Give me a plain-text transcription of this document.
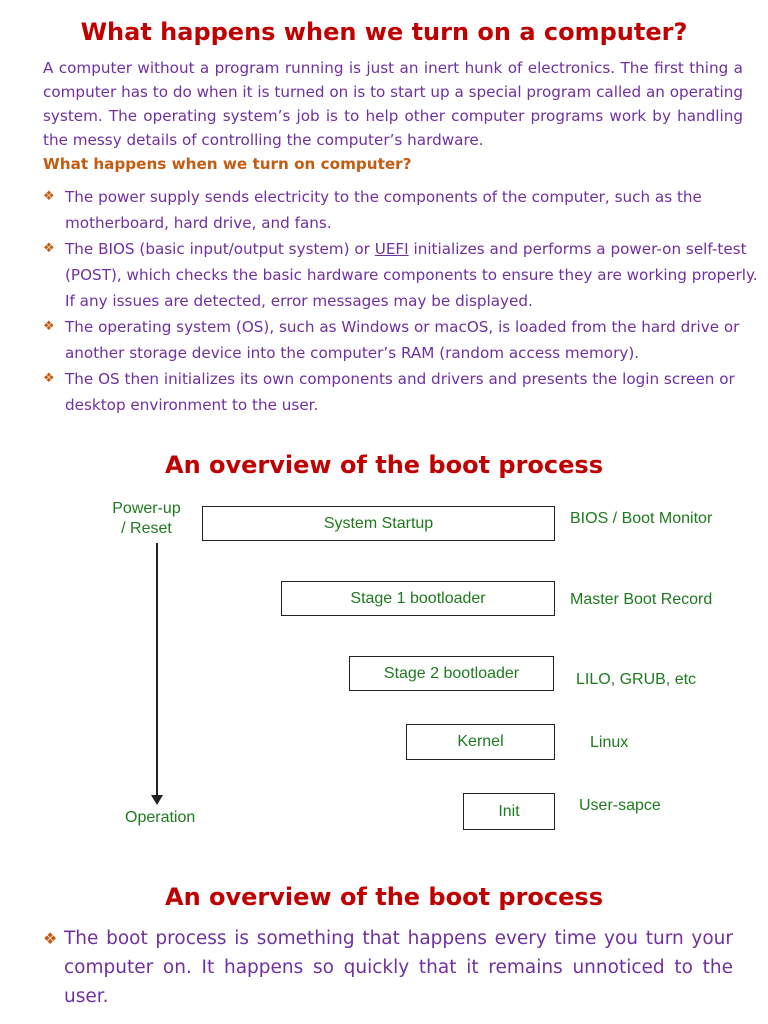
What happens when we turn on a computer?

A computer without a program running is just an inert hunk of electronics. The first thing a computer has to do when it is turned on is to start up a special program called an operating system. The operating system’s job is to help other computer programs work by handling the messy details of controlling the computer’s hardware.

What happens when we turn on computer?
❖ The power supply sends electricity to the components of the computer, such as the motherboard, hard drive, and fans.
❖ The BIOS (basic input/output system) or UEFI initializes and performs a power-on self-test (POST), which checks the basic hardware components to ensure they are working properly. If any issues are detected, error messages may be displayed.
❖ The operating system (OS), such as Windows or macOS, is loaded from the hard drive or another storage device into the computer’s RAM (random access memory).
❖ The OS then initializes its own components and drivers and presents the login screen or desktop environment to the user.
An overview of the boot process
Power-up
/ Reset
Operation
System Startup	BIOS / Boot Monitor
Stage 1 bootloader	Master Boot Record
Stage 2 bootloader	LILO, GRUB, etc
Kernel	Linux
Init	User-sapce
An overview of the boot process
❖ The boot process is something that happens every time you turn your computer on. It happens so quickly that it remains unnoticed to the user.
